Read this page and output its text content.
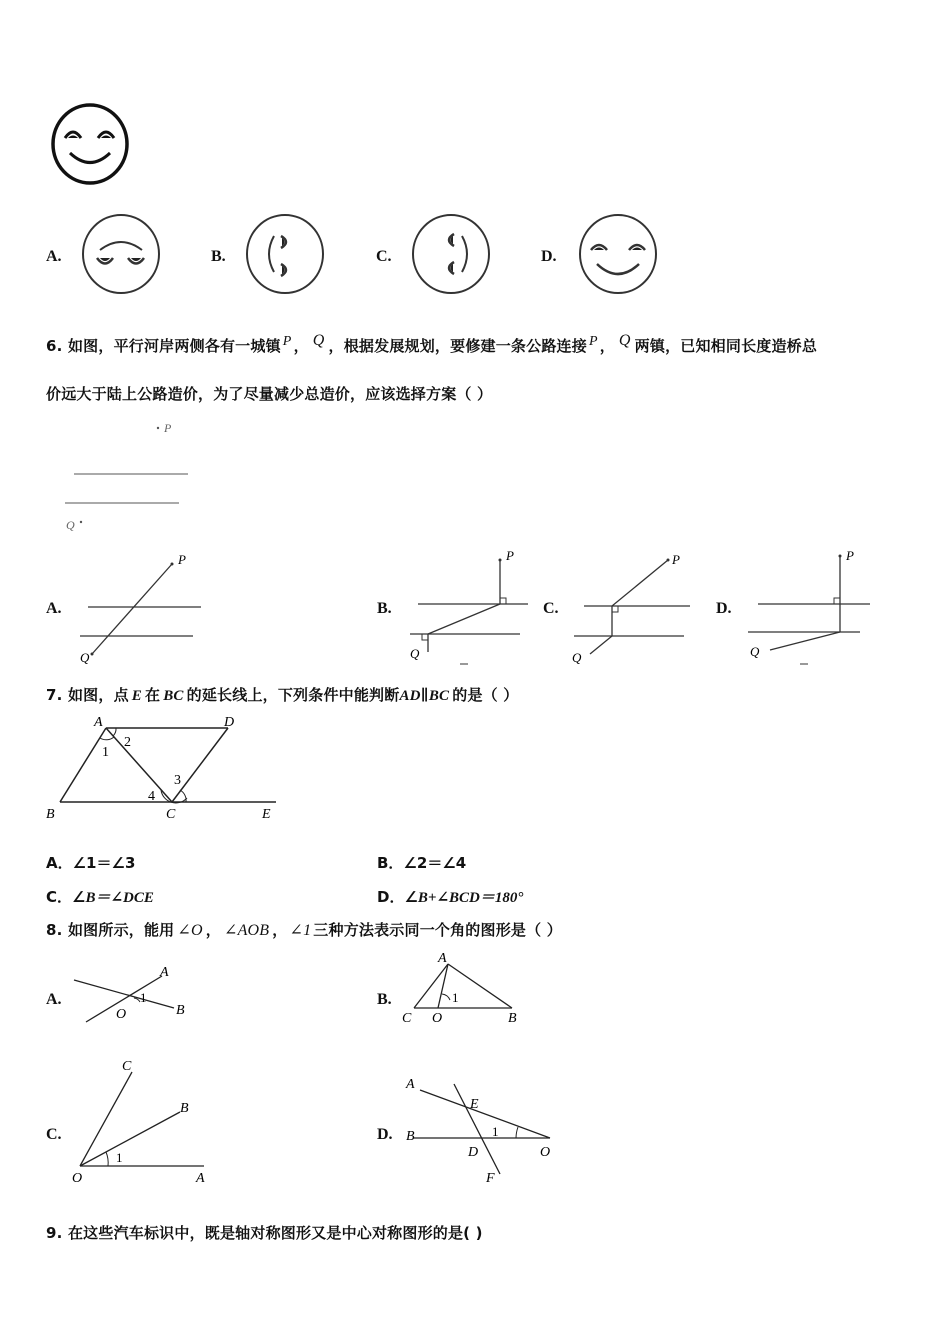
A.	B.	C.	D.
6. 如图，平行河岸两侧各有一城镇 $^P$ ， $^Q$ ，根据发展规划，要修建一条公路连接 $^P$ ， $^Q$ 两镇，已知相同长度造桥总
价远大于陆上公路造价，为了尽量减少总造价，应该选择方案（ ）
P
Q
A.
P
Q
B.
P
Q
C.
P
Q
D.
P
Q
7. 如图，点 E 在 BC 的延长线上，下列条件中能判断AD∥BC 的是（ ）
A	D
B	C	E
1
2
3
4
A．∠1＝∠3	B．∠2＝∠4
C．∠B＝∠DCE	D．∠B+∠BCD＝180°
8. 如图所示，能用 ∠O ， ∠AOB ， ∠1 三种方法表示同一个角的图形是（ ）
A.
A
B
O
1	B.
A
B
C O
1
C.
C
B
A
O
1
D.
A
B
E
D
F
O
1
9. 在这些汽车标识中，既是轴对称图形又是中心对称图形的是( )
